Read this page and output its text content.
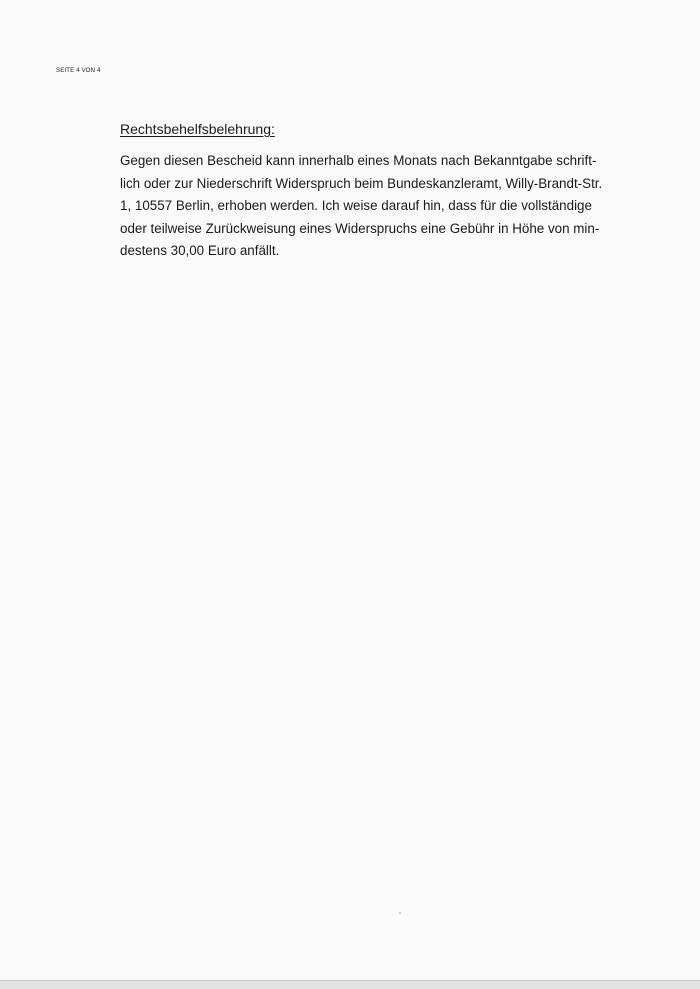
SEITE 4 VON 4
Rechtsbehelfsbelehrung:

Gegen diesen Bescheid kann innerhalb eines Monats nach Bekanntgabe schrift-
lich oder zur Niederschrift Widerspruch beim Bundeskanzleramt, Willy-Brandt-Str.
1, 10557 Berlin, erhoben werden. Ich weise darauf hin, dass für die vollständige
oder teilweise Zurückweisung eines Widerspruchs eine Gebühr in Höhe von min-
destens 30,00 Euro anfällt.
